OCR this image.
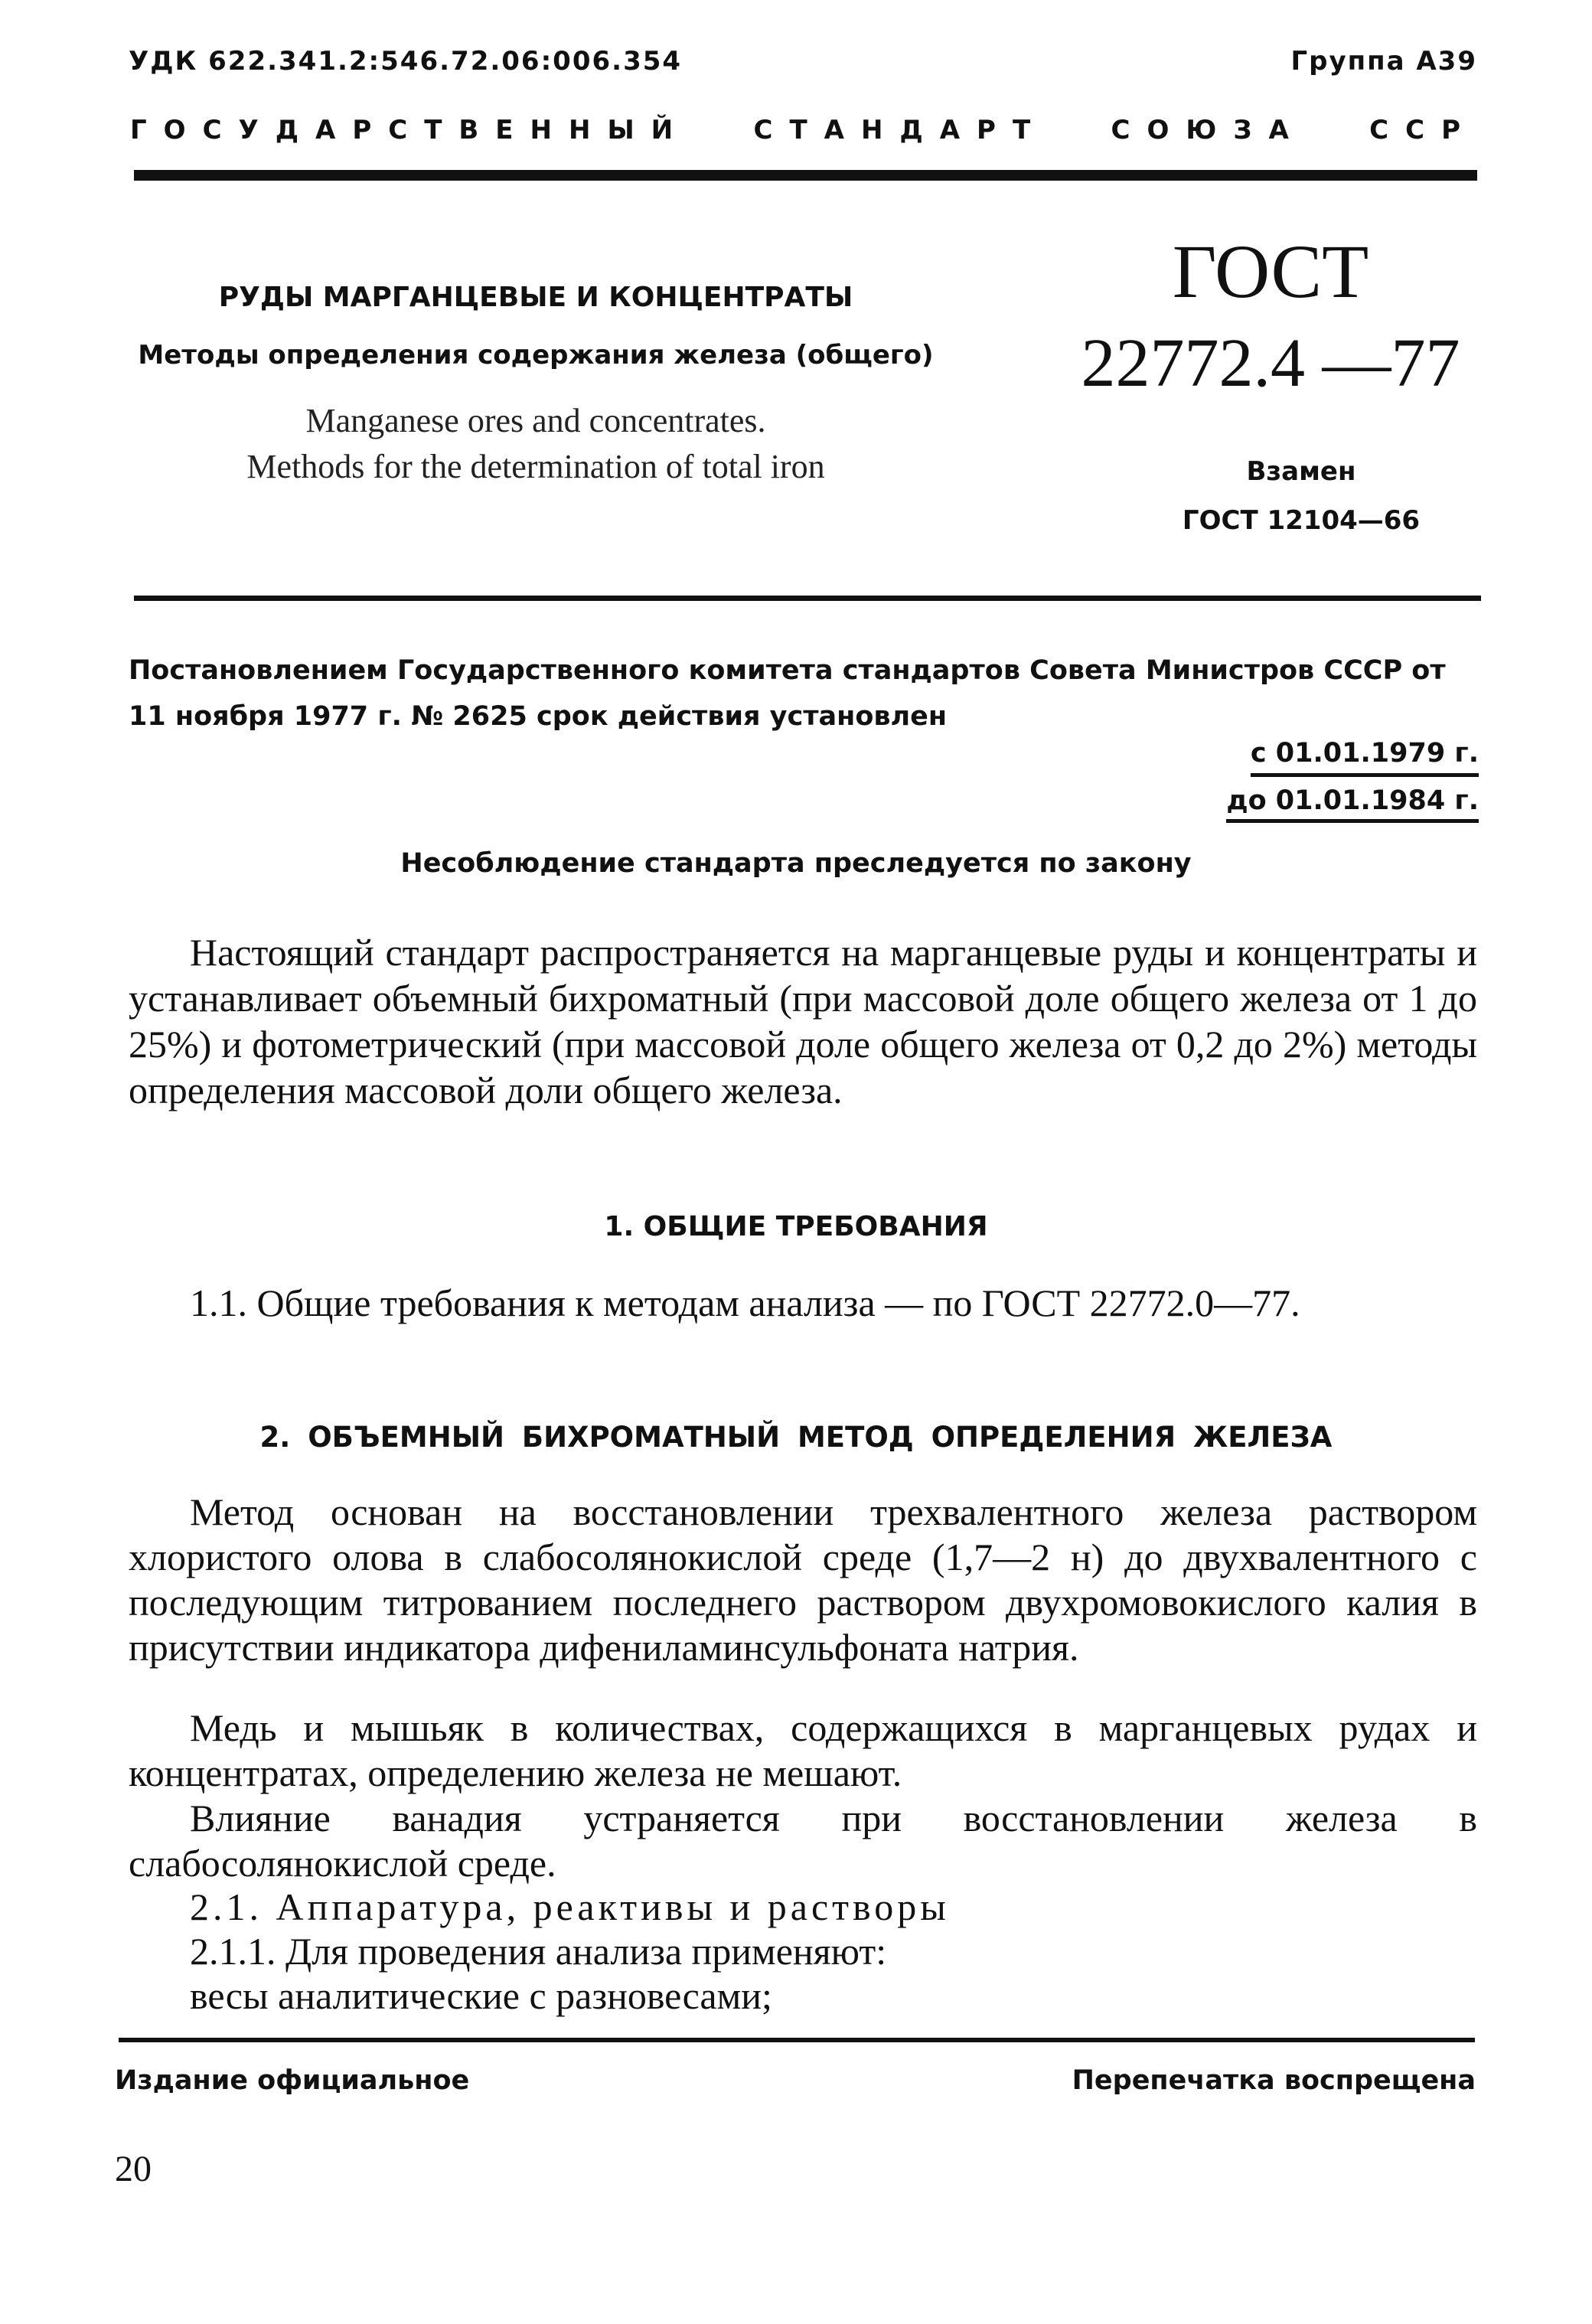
УДК 622.341.2:546.72.06:006.354	Группа А39
ГОСУДАРСТВЕННЫЙ СТАНДАРТ СОЮЗА ССР
РУДЫ МАРГАНЦЕВЫЕ И КОНЦЕНТРАТЫ
Методы определения содержания железа (общего)
Manganese ores and concentrates.
Methods for the determination of total iron
ГОСТ
22772.4 —77
Взамен
ГОСТ 12104—66
Постановлением Государственного комитета стандартов Совета Министров СССР от 11 ноября 1977 г. № 2625 срок действия установлен
с 01.01.1979 г.
до 01.01.1984 г.
Несоблюдение стандарта преследуется по закону
Настоящий стандарт распространяется на марганцевые руды и концентраты и устанавливает объемный бихроматный (при массовой доле общего железа от 1 до 25%) и фотометрический (при массовой доле общего железа от 0,2 до 2%) методы определения массовой доли общего железа.
1. ОБЩИЕ ТРЕБОВАНИЯ
1.1. Общие требования к методам анализа — по ГОСТ 22772.0—77.
2. ОБЪЕМНЫЙ БИХРОМАТНЫЙ МЕТОД ОПРЕДЕЛЕНИЯ ЖЕЛЕЗА
Метод основан на восстановлении трехвалентного железа раствором хлористого олова в слабосолянокислой среде (1,7—2 н) до двухвалентного с последующим титрованием последнего раствором двухромовокислого калия в присутствии индикатора дифениламинсульфоната натрия.
Медь и мышьяк в количествах, содержащихся в марганцевых рудах и концентратах, определению железа не мешают.
Влияние ванадия устраняется при восстановлении железа в слабосолянокислой среде.
2.1. Аппаратура, реактивы и растворы
2.1.1. Для проведения анализа применяют:
весы аналитические с разновесами;
Издание официальное	Перепечатка воспрещена
20
